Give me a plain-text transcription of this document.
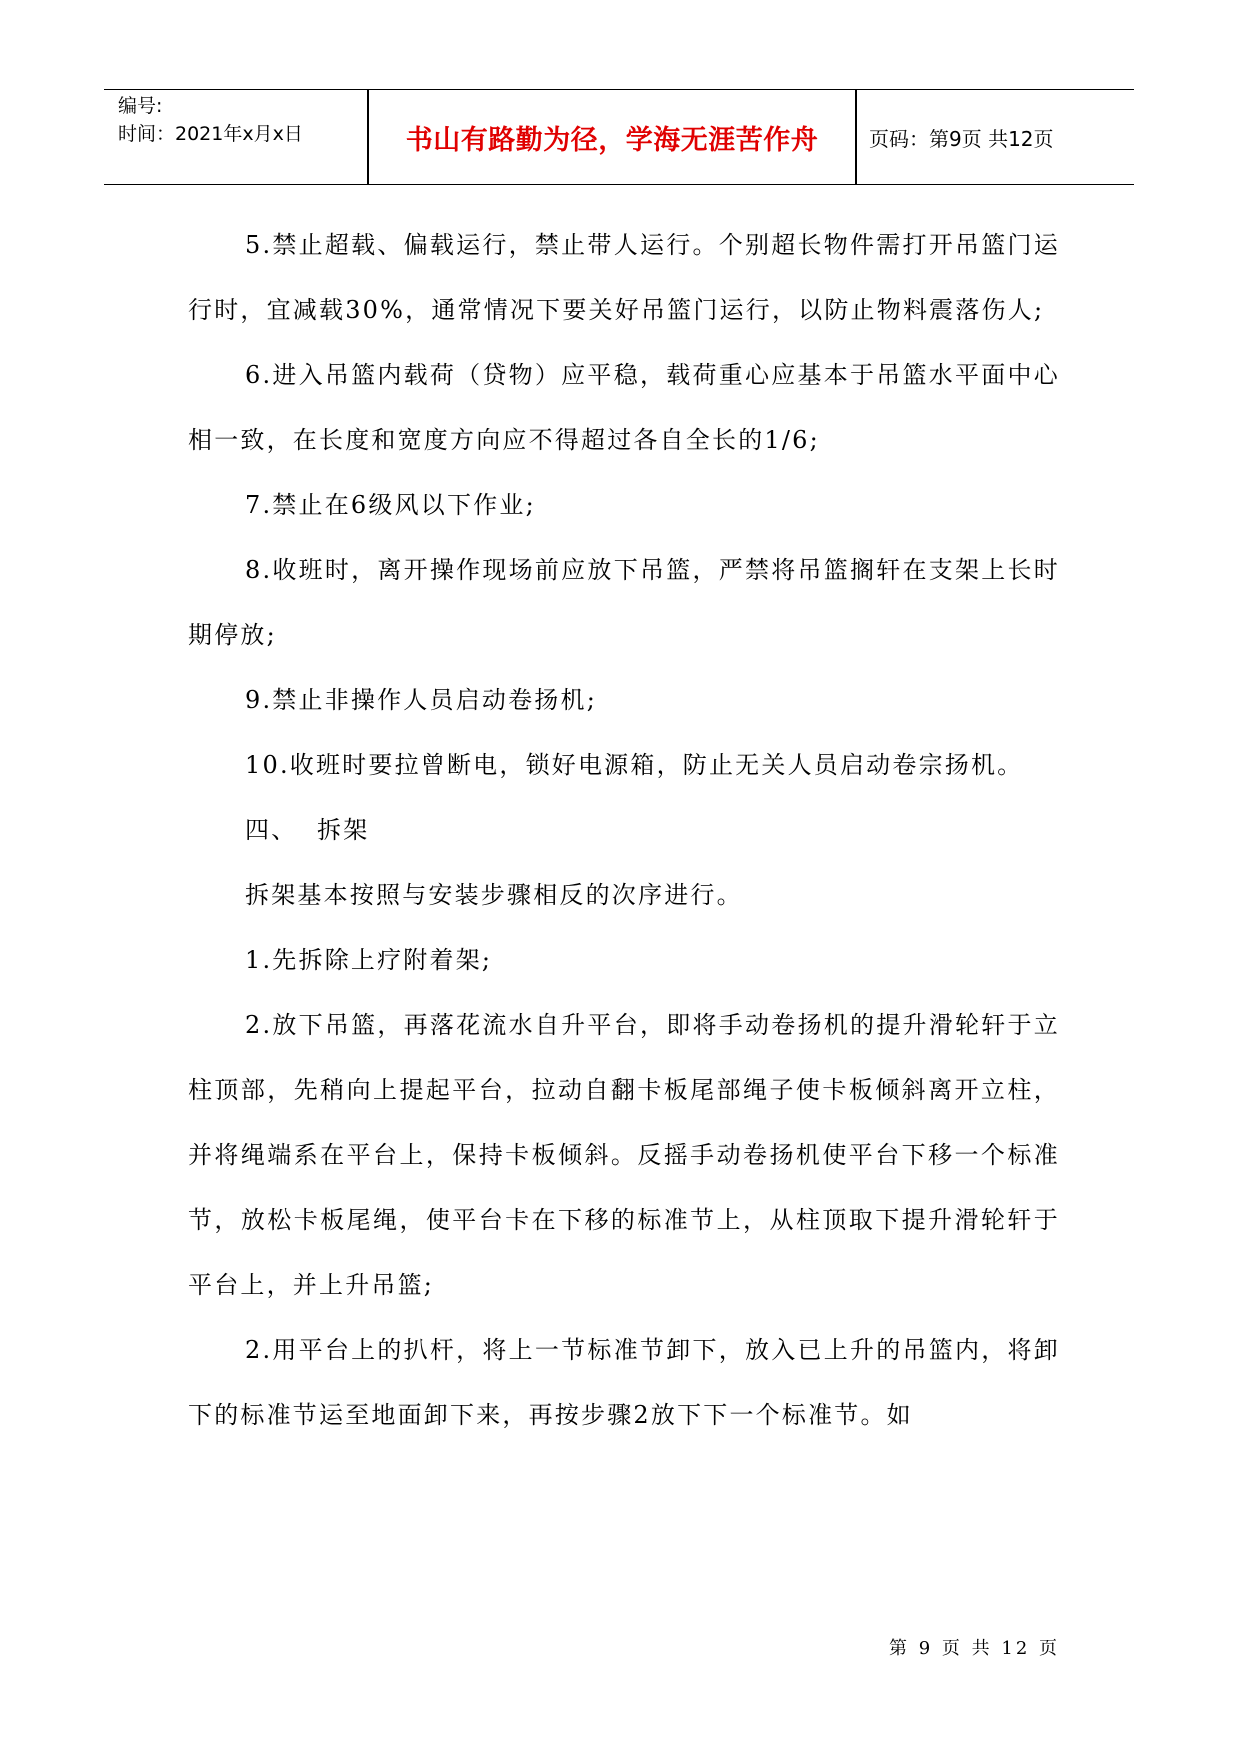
编号:
时间：2021年x月x日	书山有路勤为径，学海无涯苦作舟	页码：第9页 共12页

5.禁止超载、偏载运行，禁止带人运行。个别超长物件需打开吊篮门运行时，宜减载30%，通常情况下要关好吊篮门运行，以防止物料震落伤人;

6.进入吊篮内载荷（贷物）应平稳，载荷重心应基本于吊篮水平面中心相一致，在长度和宽度方向应不得超过各自全长的1/6;

7.禁止在6级风以下作业;

8.收班时，离开操作现场前应放下吊篮，严禁将吊篮搁轩在支架上长时期停放;

9.禁止非操作人员启动卷扬机;

10.收班时要拉曾断电，锁好电源箱，防止无关人员启动卷宗扬机。

四、  拆架

拆架基本按照与安装步骤相反的次序进行。

1.先拆除上疗附着架;

2.放下吊篮，再落花流水自升平台，即将手动卷扬机的提升滑轮轩于立柱顶部，先稍向上提起平台，拉动自翻卡板尾部绳子使卡板倾斜离开立柱，并将绳端系在平台上，保持卡板倾斜。反摇手动卷扬机使平台下移一个标准节，放松卡板尾绳，使平台卡在下移的标准节上，从柱顶取下提升滑轮轩于平台上，并上升吊篮;

2.用平台上的扒杆，将上一节标准节卸下，放入已上升的吊篮内，将卸下的标准节运至地面卸下来，再按步骤2放下下一个标准节。如

第 9 页 共 12 页
